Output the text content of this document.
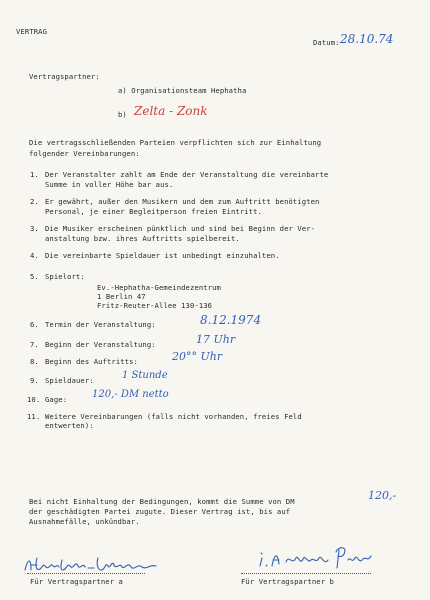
VERTRAG
Datum: 28.10.74
Vertragspartner:
a) Organisationsteam Hephatha
b) Zelta - Zonk
Die vertragsschließenden Parteien verpflichten sich zur Einhaltung
folgender Vereinbarungen:
1. Der Veranstalter zahlt am Ende der Veranstaltung die vereinbarte
Summe in voller Höhe bar aus.
2. Er gewährt, außer den Musikern und dem zum Auftritt benötigten
Personal, je einer Begleitperson freien Eintritt.
3. Die Musiker erscheinen pünktlich und sind bei Beginn der Ver-
anstaltung bzw. ihres Auftritts spielbereit.
4. Die vereinbarte Spieldauer ist unbedingt einzuhalten.
5. Spielort:
Ev.-Hephatha-Gemeindezentrum
1 Berlin 47
Fritz-Reuter-Allee 130-136
6. Termin der Veranstaltung:	8.12.1974
7. Beginn der Veranstaltung:	17 Uhr
8. Beginn des Auftritts:	20°° Uhr
9. Spieldauer:	1 Stunde
10. Gage: 120,- DM netto
11. Weitere Vereinbarungen (falls nicht vorhanden, freies Feld
entwerten):
Bei nicht Einhaltung der Bedingungen, kommt die Summe von DM	120,-
der geschädigten Partei zugute. Dieser Vertrag ist, bis auf
Ausnahmefälle, unkündbar.
Für Vertragspartner a	Für Vertragspartner b
